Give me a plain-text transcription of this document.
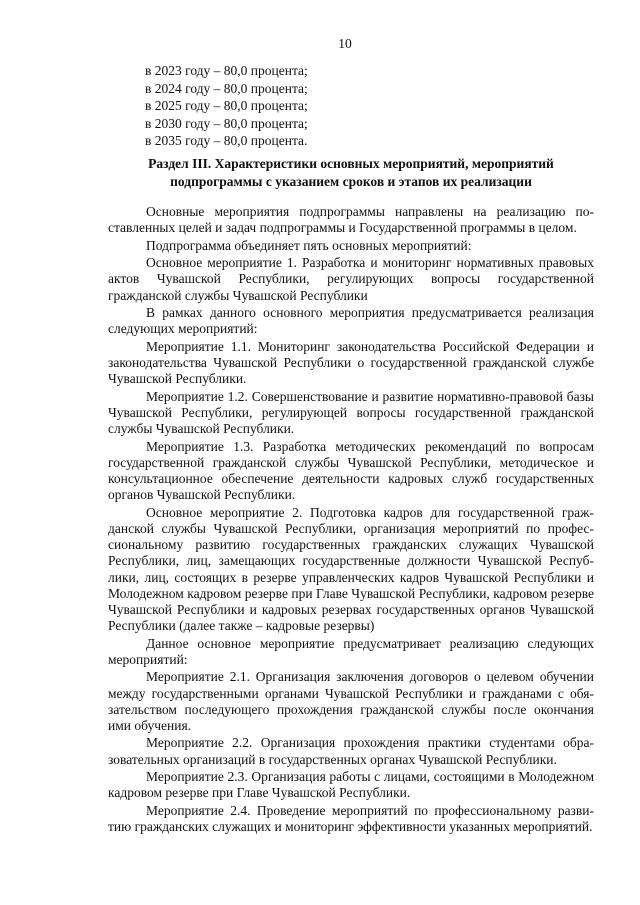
10
в 2023 году – 80,0 процента;
в 2024 году – 80,0 процента;
в 2025 году – 80,0 процента;
в 2030 году – 80,0 процента;
в 2035 году – 80,0 процента.
Раздел III. Характеристики основных мероприятий, мероприятий
подпрограммы с указанием сроков и этапов их реализации

Основные мероприятия подпрограммы направлены на реализацию поставленных целей и задач подпрограммы и Государственной программы в целом.

Подпрограмма объединяет пять основных мероприятий:

Основное мероприятие 1. Разработка и мониторинг нормативных правовых актов Чувашской Республики, регулирующих вопросы государственной гражданской службы Чувашской Республики

В рамках данного основного мероприятия предусматривается реализация следующих мероприятий:

Мероприятие 1.1. Мониторинг законодательства Российской Федерации и законодательства Чувашской Республики о государственной гражданской службе Чувашской Республики.

Мероприятие 1.2. Совершенствование и развитие нормативно-правовой базы Чувашской Республики, регулирующей вопросы государственной гражданской службы Чувашской Республики.

Мероприятие 1.3. Разработка методических рекомендаций по вопросам государственной гражданской службы Чувашской Республики, методическое и консультационное обеспечение деятельности кадровых служб государственных органов Чувашской Республики.

Основное мероприятие 2. Подготовка кадров для государственной гражданской службы Чувашской Республики, организация мероприятий по профессиональному развитию государственных гражданских служащих Чувашской Республики, лиц, замещающих государственные должности Чувашской Республики, лиц, состоящих в резерве управленческих кадров Чувашской Республики и Молодежном кадровом резерве при Главе Чувашской Республики, кадровом резерве Чувашской Республики и кадровых резервах государственных органов Чувашской Республики (далее также – кадровые резервы)

Данное основное мероприятие предусматривает реализацию следующих мероприятий:

Мероприятие 2.1. Организация заключения договоров о целевом обучении между государственными органами Чувашской Республики и гражданами с обязательством последующего прохождения гражданской службы после окончания ими обучения.

Мероприятие 2.2. Организация прохождения практики студентами образовательных организаций в государственных органах Чувашской Республики.

Мероприятие 2.3. Организация работы с лицами, состоящими в Молодежном кадровом резерве при Главе Чувашской Республики.

Мероприятие 2.4. Проведение мероприятий по профессиональному развитию гражданских служащих и мониторинг эффективности указанных мероприятий.
